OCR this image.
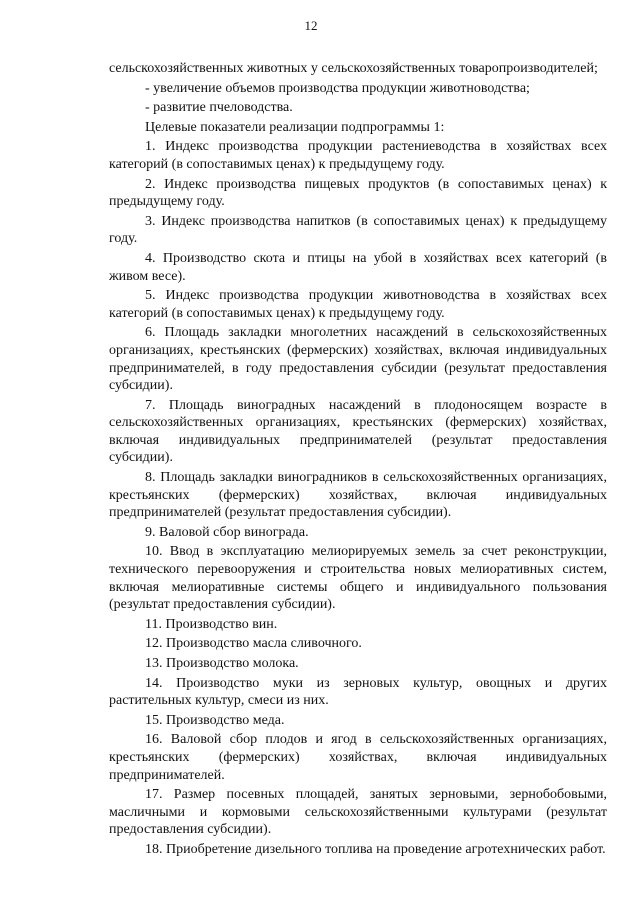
12

сельскохозяйственных животных у сельскохозяйственных товаропроизводителей;

- увеличение объемов производства продукции животноводства;

- развитие пчеловодства.

Целевые показатели реализации подпрограммы 1:

1. Индекс производства продукции растениеводства в хозяйствах всех категорий (в сопоставимых ценах) к предыдущему году.

2. Индекс производства пищевых продуктов (в сопоставимых ценах) к предыдущему году.

3. Индекс производства напитков (в сопоставимых ценах) к предыдущему году.

4. Производство скота и птицы на убой в хозяйствах всех категорий (в живом весе).

5. Индекс производства продукции животноводства в хозяйствах всех категорий (в сопоставимых ценах) к предыдущему году.

6. Площадь закладки многолетних насаждений в сельскохозяйственных организациях, крестьянских (фермерских) хозяйствах, включая индивидуальных предпринимателей, в году предоставления субсидии (результат предоставления субсидии).

7. Площадь виноградных насаждений в плодоносящем возрасте в сельскохозяйственных организациях, крестьянских (фермерских) хозяйствах, включая индивидуальных предпринимателей (результат предоставления субсидии).

8. Площадь закладки виноградников в сельскохозяйственных организациях, крестьянских (фермерских) хозяйствах, включая индивидуальных предпринимателей (результат предоставления субсидии).

9. Валовой сбор винограда.

10. Ввод в эксплуатацию мелиорируемых земель за счет реконструкции, технического перевооружения и строительства новых мелиоративных систем, включая мелиоративные системы общего и индивидуального пользования (результат предоставления субсидии).

11. Производство вин.

12. Производство масла сливочного.

13. Производство молока.

14. Производство муки из зерновых культур, овощных и других растительных культур, смеси из них.

15. Производство меда.

16. Валовой сбор плодов и ягод в сельскохозяйственных организациях, крестьянских (фермерских) хозяйствах, включая индивидуальных предпринимателей.

17. Размер посевных площадей, занятых зерновыми, зернобобовыми, масличными и кормовыми сельскохозяйственными культурами (результат предоставления субсидии).

18. Приобретение дизельного топлива на проведение агротехнических работ.
